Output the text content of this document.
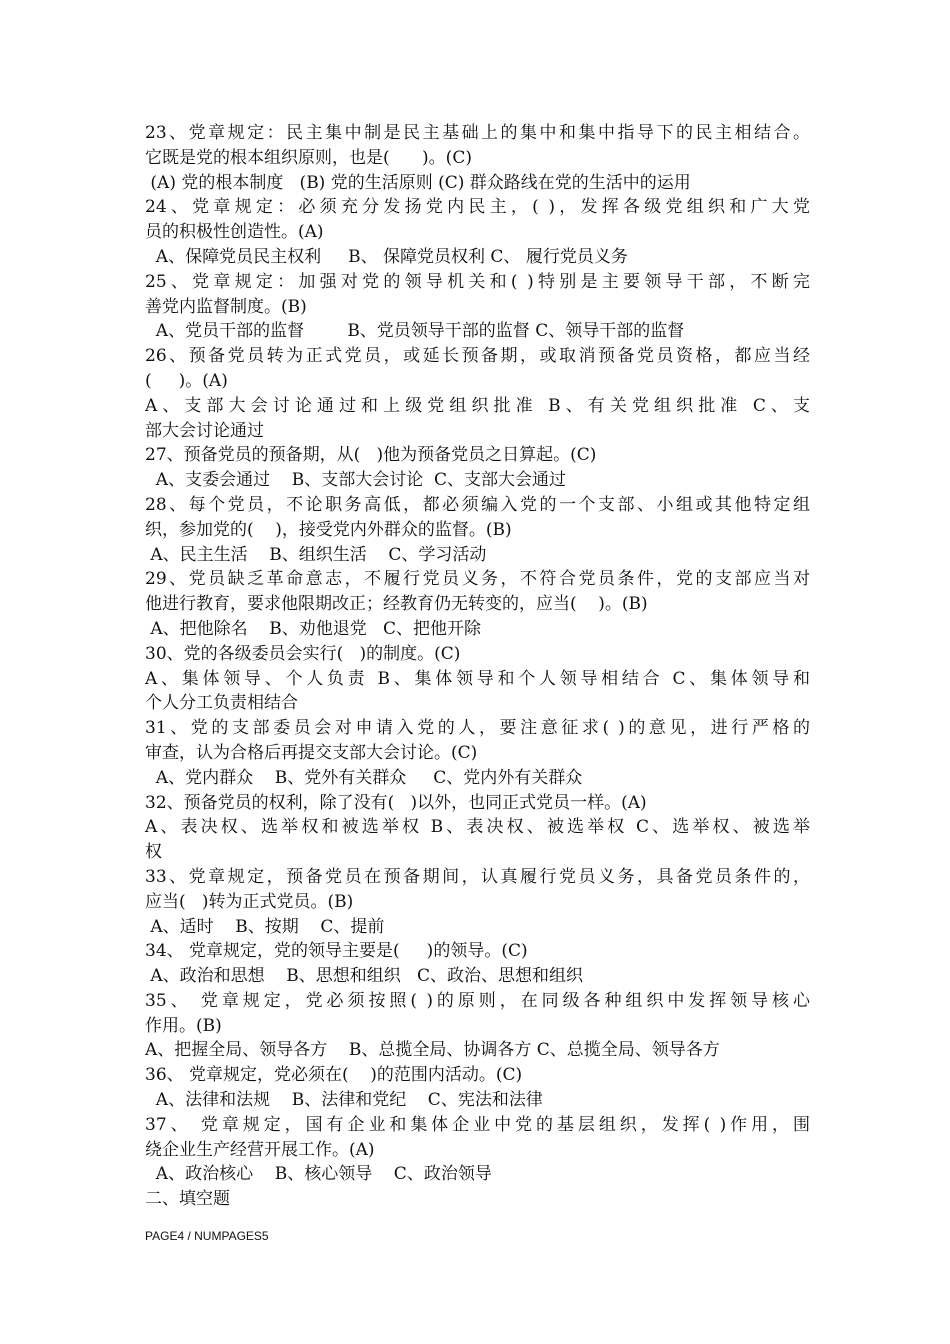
23、党章规定：民主集中制是民主基础上的集中和集中指导下的民主相结合。
它既是党的根本组织原则，也是(      )。(C)
(A) 党的根本制度   (B) 党的生活原则 (C) 群众路线在党的生活中的运用
24、党章规定：必须充分发扬党内民主，( )，发挥各级党组织和广大党
员的积极性创造性。(A)
A、保障党员民主权利     B、 保障党员权利 C、 履行党员义务
25、党章规定：加强对党的领导机关和( )特别是主要领导干部，不断完
善党内监督制度。(B)
A、党员干部的监督        B、党员领导干部的监督 C、领导干部的监督
26、预备党员转为正式党员，或延长预备期，或取消预备党员资格，都应当经
(     )。(A)
A、支部大会讨论通过和上级党组织批准 B、有关党组织批准 C、支
部大会讨论通过
27、预备党员的预备期，从(   )他为预备党员之日算起。(C)
A、支委会通过    B、支部大会讨论  C、支部大会通过
28、每个党员，不论职务高低，都必须编入党的一个支部、小组或其他特定组
织，参加党的(    )，接受党内外群众的监督。(B)
A、民主生活    B、组织生活    C、学习活动
29、党员缺乏革命意志，不履行党员义务，不符合党员条件，党的支部应当对
他进行教育，要求他限期改正；经教育仍无转变的，应当(    )。(B)
A、把他除名    B、劝他退党   C、把他开除
30、党的各级委员会实行(   )的制度。(C)
A、集体领导、个人负责 B、集体领导和个人领导相结合 C、集体领导和
个人分工负责相结合
31、党的支部委员会对申请入党的人，要注意征求( )的意见，进行严格的
审查，认为合格后再提交支部大会讨论。(C)
A、党内群众    B、党外有关群众     C、党内外有关群众
32、预备党员的权利，除了没有(   )以外，也同正式党员一样。(A)
A、表决权、选举权和被选举权 B、表决权、被选举权 C、选举权、被选举
权
33、党章规定，预备党员在预备期间，认真履行党员义务，具备党员条件的，
应当(   )转为正式党员。(B)
A、适时    B、按期    C、提前
34、 党章规定，党的领导主要是(     )的领导。(C)
A、政治和思想    B、思想和组织   C、政治、思想和组织
35、 党章规定，党必须按照( )的原则，在同级各种组织中发挥领导核心
作用。(B)
A、把握全局、领导各方    B、总揽全局、协调各方 C、总揽全局、领导各方
36、 党章规定，党必须在(    )的范围内活动。(C)
A、法律和法规    B、法律和党纪    C、宪法和法律
37、 党章规定，国有企业和集体企业中党的基层组织，发挥( )作用，围
绕企业生产经营开展工作。(A)
A、政治核心    B、核心领导    C、政治领导
二、填空题
PAGE4 / NUMPAGES5
